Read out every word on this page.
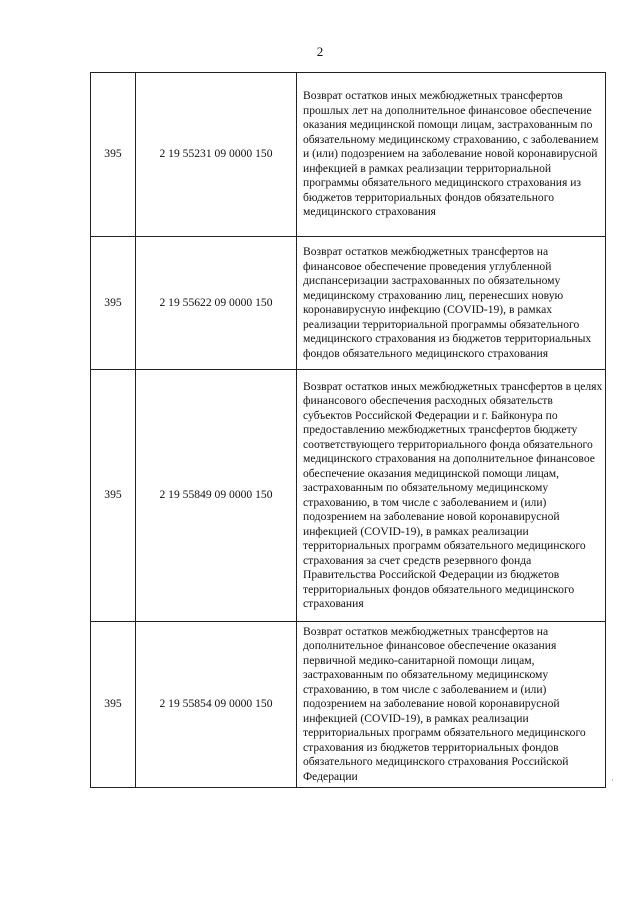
2
395	2 19 55231 09 0000 150	Возврат остатков иных межбюджетных трансфертов прошлых лет на дополнительное финансовое обеспечение оказания медицинской помощи лицам, застрахованным по обязательному медицинскому страхованию, с заболеванием и (или) подозрением на заболевание новой коронавирусной инфекцией в рамках реализации территориальной программы обязательного медицинского страхования из бюджетов территориальных фондов обязательного медицинского страхования
395	2 19 55622 09 0000 150	Возврат остатков межбюджетных трансфертов на финансовое обеспечение проведения углубленной диспансеризации застрахованных по обязательному медицинскому страхованию лиц, перенесших новую коронавирусную инфекцию (COVID-19), в рамках реализации территориальной программы обязательного медицинского страхования из бюджетов территориальных фондов обязательного медицинского страхования
395	2 19 55849 09 0000 150	Возврат остатков иных межбюджетных трансфертов в целях финансового обеспечения расходных обязательств субъектов Российской Федерации и г. Байконура по предоставлению межбюджетных трансфертов бюджету соответствующего территориального фонда обязательного медицинского страхования на дополнительное финансовое обеспечение оказания медицинской помощи лицам, застрахованным по обязательному медицинскому страхованию, в том числе с заболеванием и (или) подозрением на заболевание новой коронавирусной инфекцией (COVID-19), в рамках реализации территориальных программ обязательного медицинского страхования за счет средств резервного фонда Правительства Российской Федерации из бюджетов территориальных фондов обязательного медицинского страхования
395	2 19 55854 09 0000 150	Возврат остатков межбюджетных трансфертов на дополнительное финансовое обеспечение оказания первичной медико-санитарной помощи лицам, застрахованным по обязательному медицинскому страхованию, в том числе с заболеванием и (или) подозрением на заболевание новой коронавирусной инфекцией (COVID-19), в рамках реализации территориальных программ обязательного медицинского страхования из бюджетов территориальных фондов обязательного медицинского страхования Российской Федерации	·
